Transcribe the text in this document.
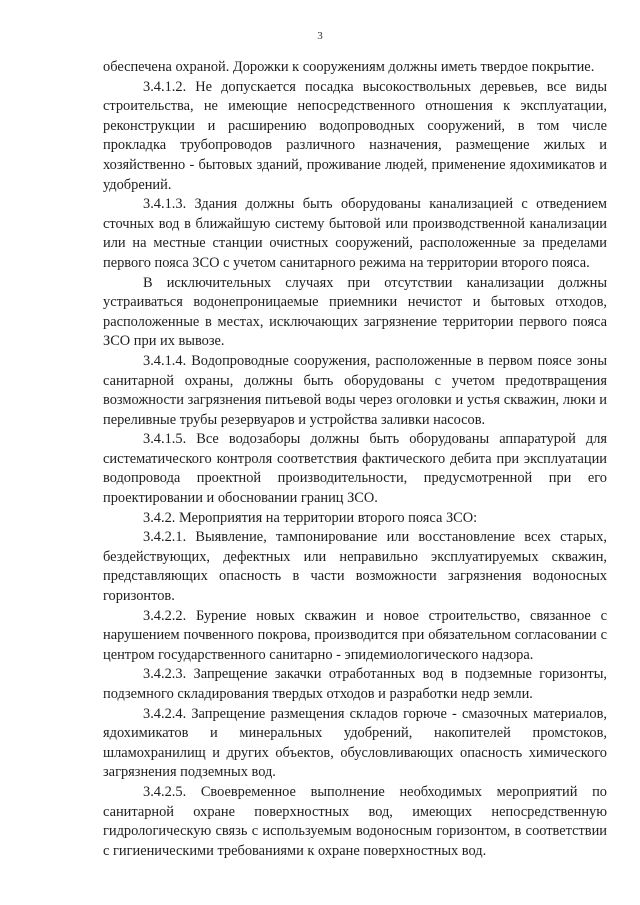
3

обеспечена охраной. Дорожки к сооружениям должны иметь твердое покрытие.

3.4.1.2. Не допускается посадка высокоствольных деревьев, все виды строительства, не имеющие непосредственного отношения к эксплуатации, реконструкции и расширению водопроводных сооружений, в том числе прокладка трубопроводов различного назначения, размещение жилых и хозяйственно - бытовых зданий, проживание людей, применение ядохимикатов и удобрений.

3.4.1.3. Здания должны быть оборудованы канализацией с отведением сточных вод в ближайшую систему бытовой или производственной канализации или на местные станции очистных сооружений, расположенные за пределами первого пояса ЗСО с учетом санитарного режима на территории второго пояса.

В исключительных случаях при отсутствии канализации должны устраиваться водонепроницаемые приемники нечистот и бытовых отходов, расположенные в местах, исключающих загрязнение территории первого пояса ЗСО при их вывозе.

3.4.1.4. Водопроводные сооружения, расположенные в первом поясе зоны санитарной охраны, должны быть оборудованы с учетом предотвращения возможности загрязнения питьевой воды через оголовки и устья скважин, люки и переливные трубы резервуаров и устройства заливки насосов.

3.4.1.5. Все водозаборы должны быть оборудованы аппаратурой для систематического контроля соответствия фактического дебита при эксплуатации водопровода проектной производительности, предусмотренной при его проектировании и обосновании границ ЗСО.

3.4.2. Мероприятия на территории второго пояса ЗСО:

3.4.2.1. Выявление, тампонирование или восстановление всех старых, бездействующих, дефектных или неправильно эксплуатируемых скважин, представляющих опасность в части возможности загрязнения водоносных горизонтов.

3.4.2.2. Бурение новых скважин и новое строительство, связанное с нарушением почвенного покрова, производится при обязательном согласовании с центром государственного санитарно - эпидемиологического надзора.

3.4.2.3. Запрещение закачки отработанных вод в подземные горизонты, подземного складирования твердых отходов и разработки недр земли.

3.4.2.4. Запрещение размещения складов горюче - смазочных материалов, ядохимикатов и минеральных удобрений, накопителей промстоков, шламохранилищ и других объектов, обусловливающих опасность химического загрязнения подземных вод.

3.4.2.5. Своевременное выполнение необходимых мероприятий по санитарной охране поверхностных вод, имеющих непосредственную гидрологическую связь с используемым водоносным горизонтом, в соответствии с гигиеническими требованиями к охране поверхностных вод.
